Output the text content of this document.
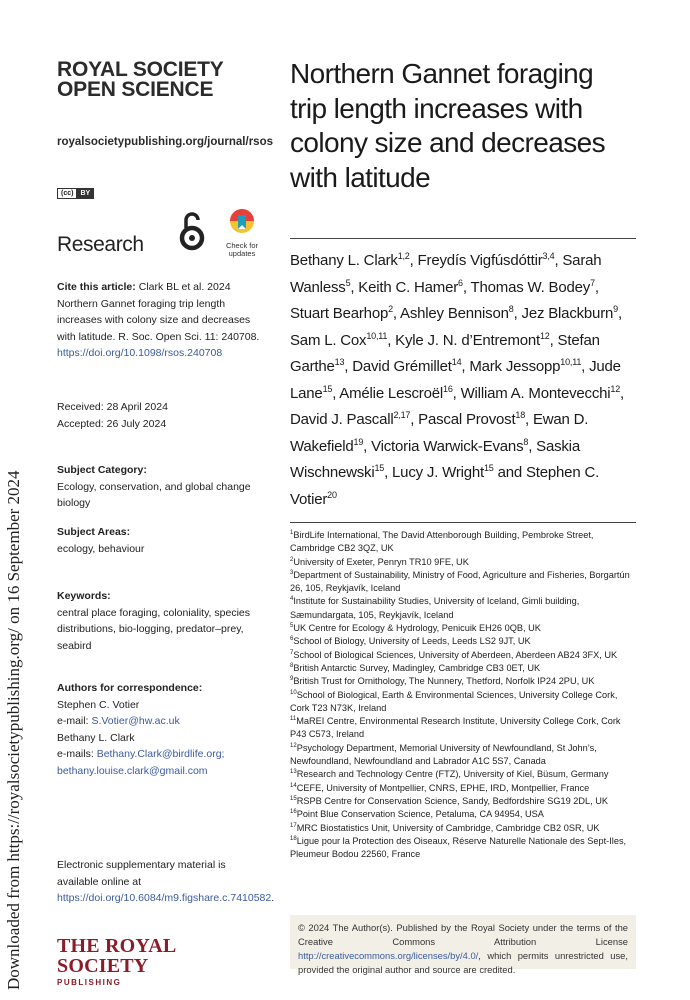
Downloaded from https://royalsocietypublishing.org/ on 16 September 2024
ROYAL SOCIETY
OPEN SCIENCE
royalsocietypublishing.org/journal/rsos
(cc)	BY
Research	Check for updates
Cite this article: Clark BL et al. 2024 Northern Gannet foraging trip length increases with colony size and decreases with latitude. R. Soc. Open Sci. 11: 240708.
https://doi.org/10.1098/rsos.240708
Received: 28 April 2024
Accepted: 26 July 2024
Subject Category:
Ecology, conservation, and global change biology
Subject Areas:
ecology, behaviour
Keywords:
central place foraging, coloniality, species distributions, bio-logging, predator–prey, seabird
Authors for correspondence:
Stephen C. Votier
e-mail: S.Votier@hw.ac.uk
Bethany L. Clark
e-mails: Bethany.Clark@birdlife.org;
bethany.louise.clark@gmail.com
Electronic supplementary material is available online at https://doi.org/10.6084/m9.figshare.c.7410582.
THE ROYAL SOCIETY
PUBLISHING
Northern Gannet foraging trip length increases with colony size and decreases with latitude
Bethany L. Clark$^{1,2}$, Freydís Vigfúsdóttir$^{3,4}$, Sarah Wanless$^5$, Keith C. Hamer$^6$, Thomas W. Bodey$^7$, Stuart Bearhop$^2$, Ashley Bennison$^8$, Jez Blackburn$^9$, Sam L. Cox$^{10,11}$, Kyle J. N. d’Entremont$^{12}$, Stefan Garthe$^{13}$, David Grémillet$^{14}$, Mark Jessopp$^{10,11}$, Jude Lane$^{15}$, Amélie Lescroël$^{16}$, William A. Montevecchi$^{12}$, David J. Pascall$^{2,17}$, Pascal Provost$^{18}$, Ewan D. Wakefield$^{19}$, Victoria Warwick-Evans$^8$, Saskia Wischnewski$^{15}$, Lucy J. Wright$^{15}$ and Stephen C. Votier$^{20}$
$^1$BirdLife International, The David Attenborough Building, Pembroke Street, Cambridge CB2 3QZ, UK
$^2$University of Exeter, Penryn TR10 9FE, UK
$^3$Department of Sustainability, Ministry of Food, Agriculture and Fisheries, Borgartún 26, 105, Reykjavík, Iceland
$^4$Institute for Sustainability Studies, University of Iceland, Gimli building, Sæmundargata, 105, Reykjavík, Iceland
$^5$UK Centre for Ecology & Hydrology, Penicuik EH26 0QB, UK
$^6$School of Biology, University of Leeds, Leeds LS2 9JT, UK
$^7$School of Biological Sciences, University of Aberdeen, Aberdeen AB24 3FX, UK
$^8$British Antarctic Survey, Madingley, Cambridge CB3 0ET, UK
$^9$British Trust for Ornithology, The Nunnery, Thetford, Norfolk IP24 2PU, UK
$^{10}$School of Biological, Earth & Environmental Sciences, University College Cork, Cork T23 N73K, Ireland
$^{11}$MaREI Centre, Environmental Research Institute, University College Cork, Cork P43 C573, Ireland
$^{12}$Psychology Department, Memorial University of Newfoundland, St John’s, Newfoundland, Newfoundland and Labrador A1C 5S7, Canada
$^{13}$Research and Technology Centre (FTZ), University of Kiel, Büsum, Germany
$^{14}$CEFE, University of Montpellier, CNRS, EPHE, IRD, Montpellier, France
$^{15}$RSPB Centre for Conservation Science, Sandy, Bedfordshire SG19 2DL, UK
$^{16}$Point Blue Conservation Science, Petaluma, CA 94954, USA
$^{17}$MRC Biostatistics Unit, University of Cambridge, Cambridge CB2 0SR, UK
$^{18}$Ligue pour la Protection des Oiseaux, Réserve Naturelle Nationale des Sept-Iles, Pleumeur Bodou 22560, France
© 2024 The Author(s). Published by the Royal Society under the terms of the Creative Commons Attribution License http://creativecommons.org/licenses/by/4.0/, which permits unrestricted use, provided the original author and source are credited.
